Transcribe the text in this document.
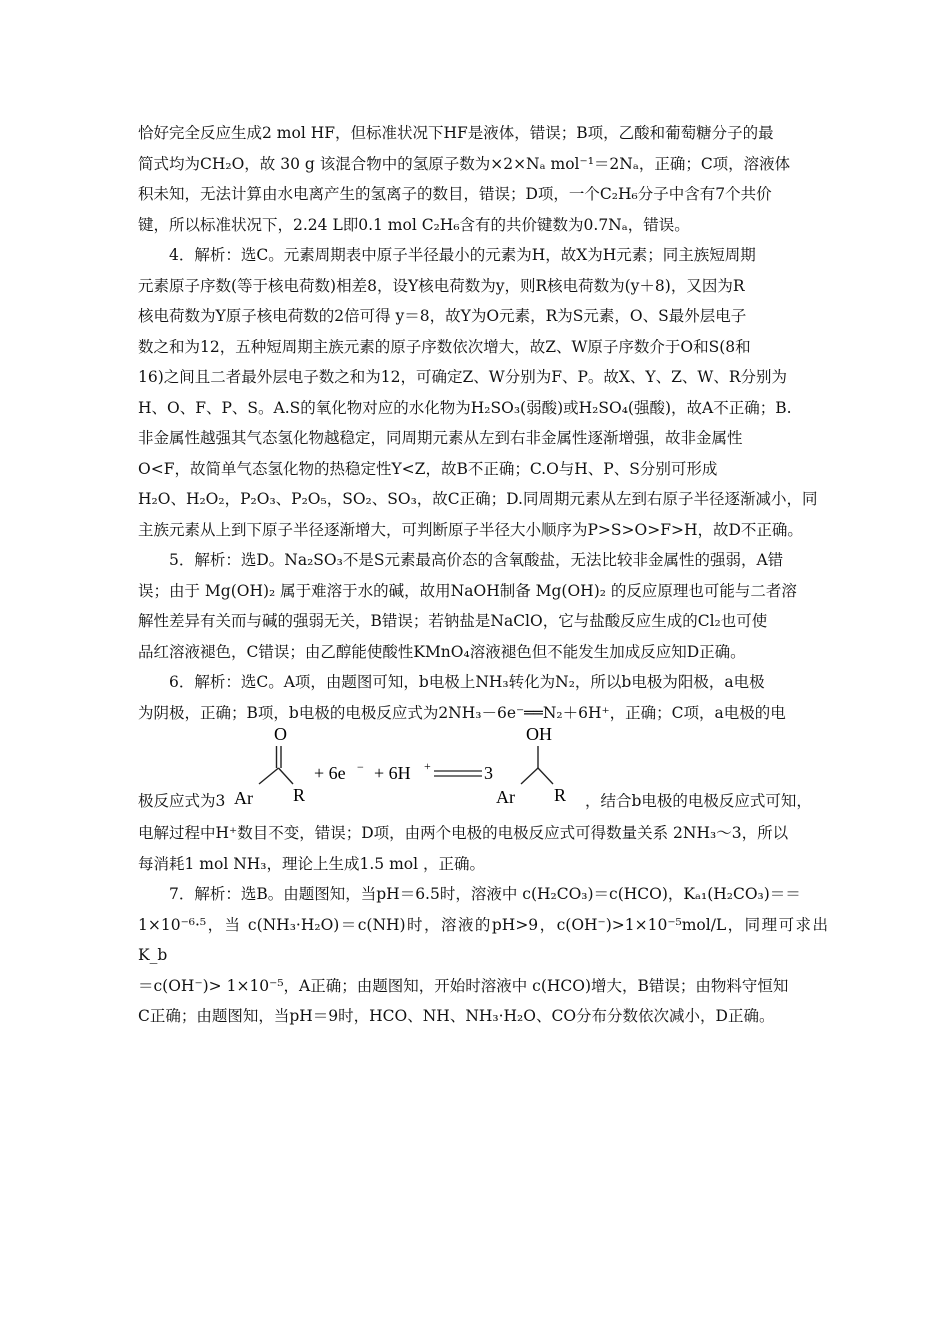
恰好完全反应生成2 mol HF，但标准状况下HF是液体，错误；B项，乙酸和葡萄糖分子的最
简式均为CH₂O，故 30 g 该混合物中的氢原子数为×2×Nₐ mol⁻¹＝2Nₐ，正确；C项，溶液体
积未知，无法计算由水电离产生的氢离子的数目，错误；D项，一个C₂H₆分子中含有7个共价
键，所以标准状况下，2.24 L即0.1 mol C₂H₆含有的共价键数为0.7Nₐ，错误。

4．解析：选C。元素周期表中原子半径最小的元素为H，故X为H元素；同主族短周期
元素原子序数(等于核电荷数)相差8，设Y核电荷数为y，则R核电荷数为(y＋8)，又因为R
核电荷数为Y原子核电荷数的2倍可得 y＝8，故Y为O元素，R为S元素，O、S最外层电子
数之和为12，五种短周期主族元素的原子序数依次增大，故Z、W原子序数介于O和S(8和
16)之间且二者最外层电子数之和为12，可确定Z、W分别为F、P。故X、Y、Z、W、R分别为
H、O、F、P、S。A.S的氧化物对应的水化物为H₂SO₃(弱酸)或H₂SO₄(强酸)，故A不正确；B.
非金属性越强其气态氢化物越稳定，同周期元素从左到右非金属性逐渐增强，故非金属性
O<F，故简单气态氢化物的热稳定性Y<Z，故B不正确；C.O与H、P、S分别可形成
H₂O、H₂O₂，P₂O₃、P₂O₅，SO₂、SO₃，故C正确；D.同周期元素从左到右原子半径逐渐减小，同
主族元素从上到下原子半径逐渐增大，可判断原子半径大小顺序为P>S>O>F>H，故D不正确。

5．解析：选D。Na₂SO₃不是S元素最高价态的含氧酸盐，无法比较非金属性的强弱，A错
误；由于 Mg(OH)₂ 属于难溶于水的碱，故用NaOH制备 Mg(OH)₂ 的反应原理也可能与二者溶
解性差异有关而与碱的强弱无关，B错误；若钠盐是NaClO，它与盐酸反应生成的Cl₂也可使
品红溶液褪色，C错误；由乙醇能使酸性KMnO₄溶液褪色但不能发生加成反应知D正确。

6．解析：选C。A项，由题图可知，b电极上NH₃转化为N₂，所以b电极为阳极，a电极
为阴极，正确；B项，b电极的电极反应式为2NH₃－6e⁻══N₂＋6H⁺，正确；C项，a电极的电

极反应式为3
O
Ar R
+ 6e − + 6H +	3
OH
Ar R ，结合b电极的电极反应式可知，

电解过程中H⁺数目不变，错误；D项，由两个电极的电极反应式可得数量关系 2NH₃～3，所以
每消耗1 mol NH₃，理论上生成1.5 mol ，正确。

7．解析：选B。由题图知，当pH＝6.5时，溶液中 c(H₂CO₃)＝c(HCO)，Kₐ₁(H₂CO₃)＝＝
1×10⁻⁶·⁵，当 c(NH₃·H₂O)＝c(NH)时，溶液的pH>9，c(OH⁻)>1×10⁻⁵mol/L，同理可求出 K_b
＝c(OH⁻)> 1×10⁻⁵，A正确；由题图知，开始时溶液中 c(HCO)增大，B错误；由物料守恒知
C正确；由题图知，当pH＝9时，HCO、NH、NH₃·H₂O、CO分布分数依次减小，D正确。
